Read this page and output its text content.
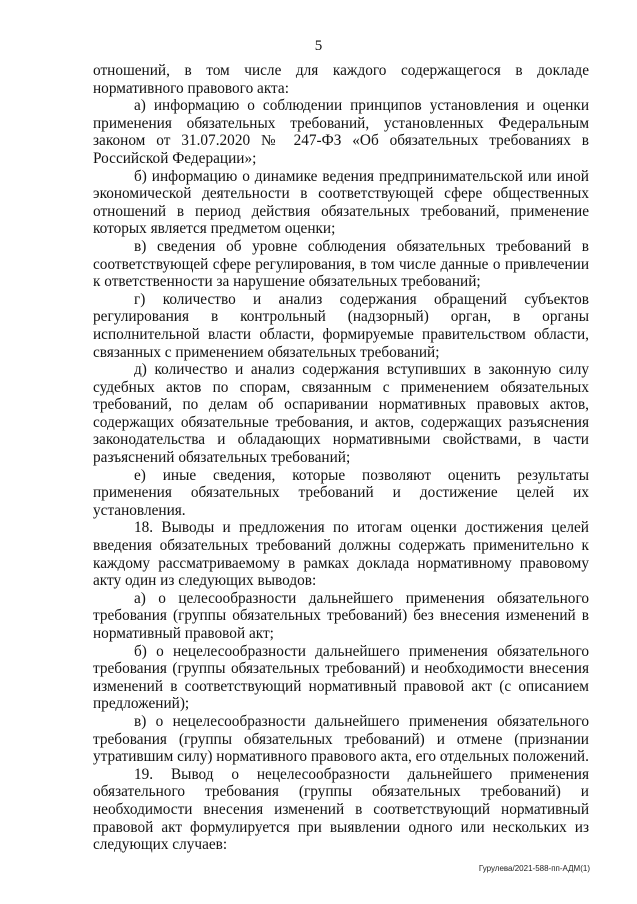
5

отношений, в том числе для каждого содержащегося в докладе нормативного правового акта:

а) информацию о соблюдении принципов установления и оценки применения обязательных требований, установленных Федеральным законом от 31.07.2020 № 247-ФЗ «Об обязательных требованиях в Российской Федерации»;

б) информацию о динамике ведения предпринимательской или иной экономической деятельности в соответствующей сфере общественных отношений в период действия обязательных требований, применение которых является предметом оценки;

в) сведения об уровне соблюдения обязательных требований в соответствующей сфере регулирования, в том числе данные о привлечении к ответственности за нарушение обязательных требований;

г) количество и анализ содержания обращений субъектов регулирования в контрольный (надзорный) орган, в органы исполнительной власти области, формируемые правительством области, связанных с применением обязательных требований;

д) количество и анализ содержания вступивших в законную силу судебных актов по спорам, связанным с применением обязательных требований, по делам об оспаривании нормативных правовых актов, содержащих обязательные требования, и актов, содержащих разъяснения законодательства и обладающих нормативными свойствами, в части разъяснений обязательных требований;

е) иные сведения, которые позволяют оценить результаты применения обязательных требований и достижение целей их установления.

18. Выводы и предложения по итогам оценки достижения целей введения обязательных требований должны содержать применительно к каждому рассматриваемому в рамках доклада нормативному правовому акту один из следующих выводов:

а) о целесообразности дальнейшего применения обязательного требования (группы обязательных требований) без внесения изменений в нормативный правовой акт;

б) о нецелесообразности дальнейшего применения обязательного требования (группы обязательных требований) и необходимости внесения изменений в соответствующий нормативный правовой акт (с описанием предложений);

в) о нецелесообразности дальнейшего применения обязательного требования (группы обязательных требований) и отмене (признании утратившим силу) нормативного правового акта, его отдельных положений.

19. Вывод о нецелесообразности дальнейшего применения обязательного требования (группы обязательных требований) и необходимости внесения изменений в соответствующий нормативный правовой акт формулируется при выявлении одного или нескольких из следующих случаев:

Гурулева/2021-588-пп-АДМ(1)
